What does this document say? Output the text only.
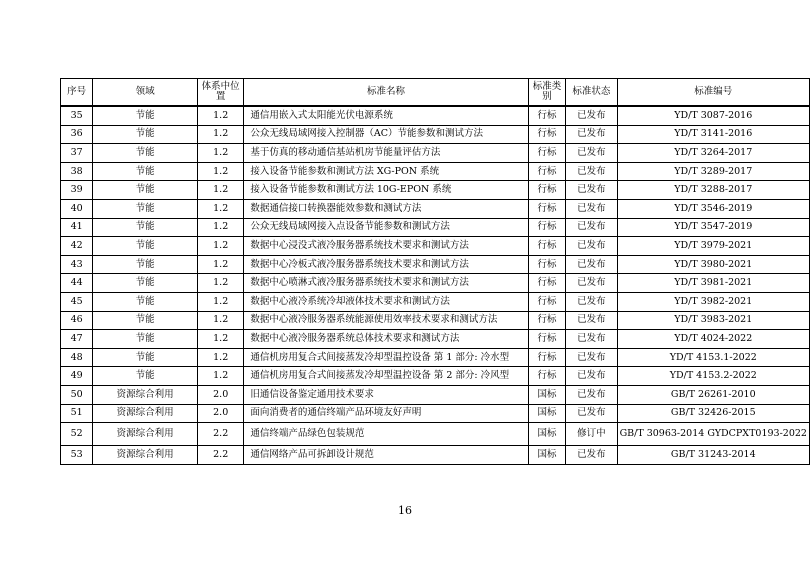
序号	领域	体系中位置	标准名称	标准类别	标准状态	标准编号
35	节能	1.2	通信用嵌入式太阳能光伏电源系统	行标	已发布	YD/T 3087-2016
36	节能	1.2	公众无线局域网接入控制器（AC）节能参数和测试方法	行标	已发布	YD/T 3141-2016
37	节能	1.2	基于仿真的移动通信基站机房节能量评估方法	行标	已发布	YD/T 3264-2017
38	节能	1.2	接入设备节能参数和测试方法 XG-PON 系统	行标	已发布	YD/T 3289-2017
39	节能	1.2	接入设备节能参数和测试方法 10G-EPON 系统	行标	已发布	YD/T 3288-2017
40	节能	1.2	数据通信接口转换器能效参数和测试方法	行标	已发布	YD/T 3546-2019
41	节能	1.2	公众无线局域网接入点设备节能参数和测试方法	行标	已发布	YD/T 3547-2019
42	节能	1.2	数据中心浸没式液冷服务器系统技术要求和测试方法	行标	已发布	YD/T 3979-2021
43	节能	1.2	数据中心冷板式液冷服务器系统技术要求和测试方法	行标	已发布	YD/T 3980-2021
44	节能	1.2	数据中心喷淋式液冷服务器系统技术要求和测试方法	行标	已发布	YD/T 3981-2021
45	节能	1.2	数据中心液冷系统冷却液体技术要求和测试方法	行标	已发布	YD/T 3982-2021
46	节能	1.2	数据中心液冷服务器系统能源使用效率技术要求和测试方法	行标	已发布	YD/T 3983-2021
47	节能	1.2	数据中心液冷服务器系统总体技术要求和测试方法	行标	已发布	YD/T 4024-2022
48	节能	1.2	通信机房用复合式间接蒸发冷却型温控设备 第 1 部分: 冷水型	行标	已发布	YD/T 4153.1-2022
49	节能	1.2	通信机房用复合式间接蒸发冷却型温控设备 第 2 部分: 冷风型	行标	已发布	YD/T 4153.2-2022
50	资源综合利用	2.0	旧通信设备鉴定通用技术要求	国标	已发布	GB/T 26261-2010
51	资源综合利用	2.0	面向消费者的通信终端产品环境友好声明	国标	已发布	GB/T 32426-2015
52	资源综合利用	2.2	通信终端产品绿色包装规范	国标	修订中	GB/T 30963-2014 GYDCPXT0193-2022
53	资源综合利用	2.2	通信网络产品可拆卸设计规范	国标	已发布	GB/T 31243-2014
16
